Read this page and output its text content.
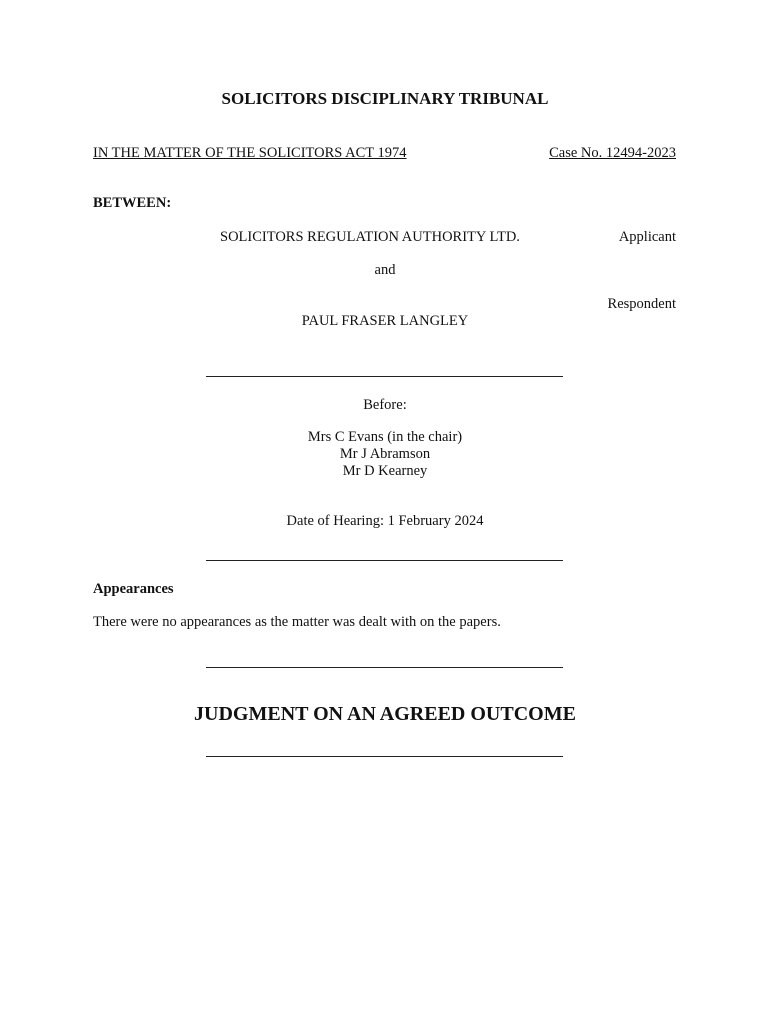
SOLICITORS DISCIPLINARY TRIBUNAL
IN THE MATTER OF THE SOLICITORS ACT 1974	Case No. 12494-2023
BETWEEN:
SOLICITORS REGULATION AUTHORITY LTD.	Applicant
and
Respondent
PAUL FRASER LANGLEY
Before:
Mrs C Evans (in the chair)
Mr J Abramson
Mr D Kearney
Date of Hearing: 1 February 2024
Appearances
There were no appearances as the matter was dealt with on the papers.
JUDGMENT ON AN AGREED OUTCOME
